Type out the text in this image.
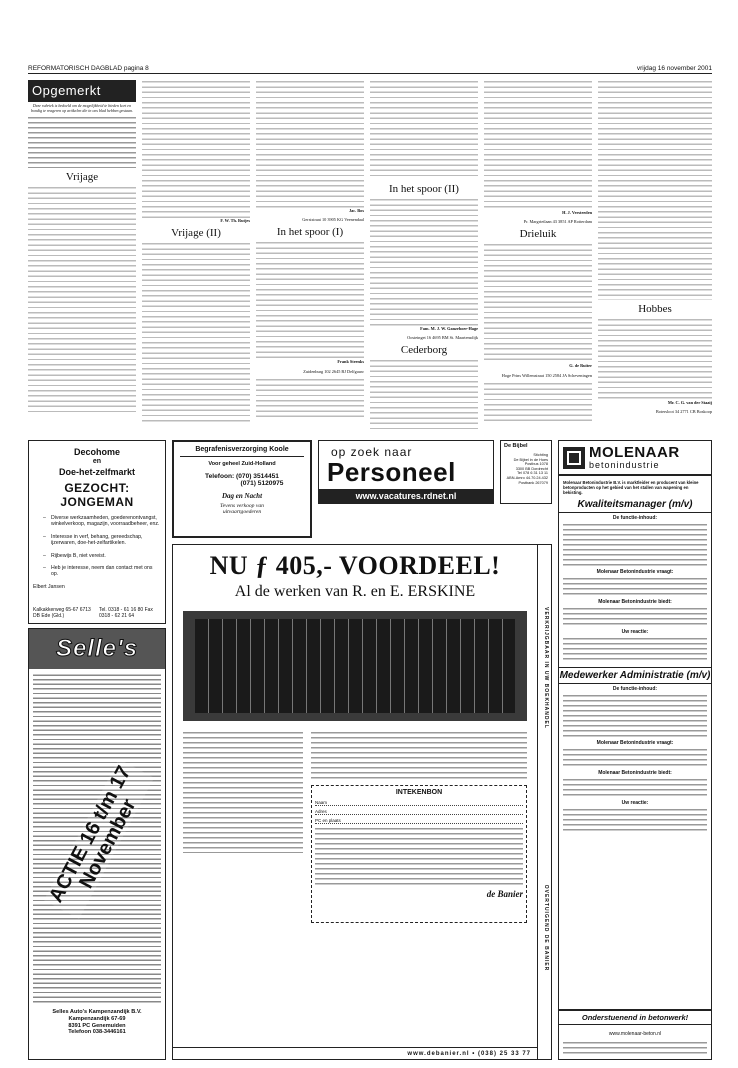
REFORMATORISCH DAGBLAD pagina 8	vrijdag 16 november 2001
Opgemerkt
Deze rubriek is bedoeld om de mogelijkheid te bieden kort en bondig te reageren op artikelen die in ons blad hebben gestaan.
Vrijage
F. W. Th. Rutjes
Vrijage (II)
Jac. Bos
Gerststraat 10 3905 KG Veenendaal
In het spoor (I)
Frank Steenks
Zuidenburg 102 2645 BJ Delfgauw
In het spoor (II)
Fam. M. J. W. Ganzeboer-Hage
Oosteinget 16 4695 BM St. Maartensdijk
Cederborg
H. J. Versteeden
Pr. Margrietlaan 43 3851 AP Rotterdam
Drieluik
G. de Ruiter
Hoge Prins Willemstraat 150 2584 JA Scheveningen
Hobbes
Mr. C. G. van der Staaij
Botersloot 34 2771 CB Boskoop
Decohome
en
Doe-het-zelfmarkt
GEZOCHT: JONGEMAN
– Diverse werkzaamheden, goederenontvangst, winkelverkoop, magazijn, voorraadbeheer, enz.
– Interesse in verf, behang, gereedschap, ijzerwaren, doe-het-zelfartikelen.
– Rijbewijs B, niet vereist.
– Heb je interesse, neem dan contact met ons op.
Elbert Jansen
Kalkakkerweg 65-67 6713 DB Ede (Gld.)
Tel. 0318 - 61 16 80 Fax 0318 - 62 21 64
Selle's
ACTIE 16 t/m 17 November
Selles Auto's Kampenzandijk B.V.
Kampenzandijk 67-69
8391 PC Genemuiden
Telefoon 038-3446161
Begrafenisverzorging Koole
Voor geheel Zuid-Holland
Telefoon: (070) 3514451
(071) 5120975
Dag en Nacht
Tevens verkoop van uitvaartgoederen
op zoek naar
Personeel
www.vacatures.rdnet.nl
De Bijbel
Stichting
De Bijbel in de Hoes
Postbus 1078
3300 BB Dordrecht
Tel 078 6 31 13 11
ABN-Amro 44.70.24.432
Postbank 267079
VERKRIJGBAAR IN UW BOEKHANDEL
OVERTUIGEND DE BANIER
NU ƒ 405,- VOORDEEL!
Al de werken van R. en E. ERSKINE
INTEKENBON
Naam
Adres
PC en plaats
de Banier
www.debanier.nl • (038) 25 33 77
MOLENAAR
betonindustrie
Molenaar Betonindustrie B.V. is marktleider en producent van kleine betonproducten op het gebied van het stallen van wapening en bekisting.
Kwaliteitsmanager (m/v)
De functie-inhoud:
Molenaar Betonindustrie vraagt:
Molenaar Betonindustrie biedt:
Uw reactie:
Medewerker Administratie (m/v)
De functie-inhoud:
Molenaar Betonindustrie vraagt:
Molenaar Betonindustrie biedt:
Uw reactie:
Onderstuenend in betonwerk!
www.molenaar-beton.nl
